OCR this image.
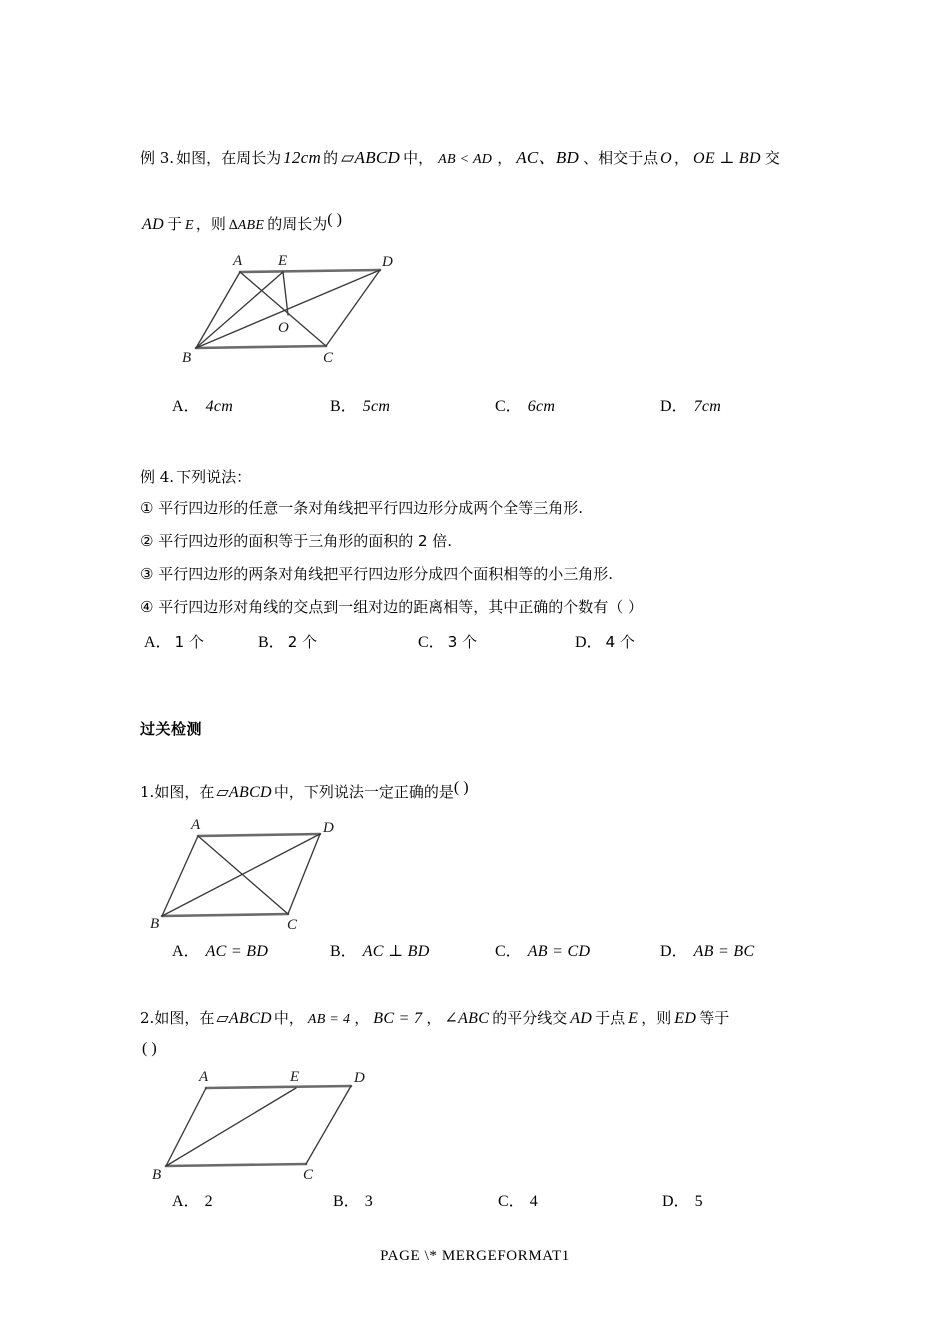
例 3. 如图，在周长为 12cm 的 ▱ABCD 中， AB < AD ， AC、BD 、相交于点 O ， OE ⊥ BD 交
AD 于 E ，则 ∆ABE 的周长为 ( )
A E	D
B	C
O
A． 4cm	B． 5cm	C． 6cm	D． 7cm
例 4. 下列说法：
① 平行四边形的任意一条对角线把平行四边形分成两个全等三角形.
② 平行四边形的面积等于三角形的面积的 2 倍.
③ 平行四边形的两条对角线把平行四边形分成四个面积相等的小三角形.
④ 平行四边形对角线的交点到一组对边的距离相等，其中正确的个数有（ ）
A． 1 个	B． 2 个	C． 3 个	D． 4 个
过关检测
1. 如图，在 ▱ABCD 中，下列说法一定正确的是 ( )
A	D
B	C
A． AC = BD	B． AC ⊥ BD	C． AB = CD	D． AB = BC
2. 如图，在 ▱ABCD 中， AB = 4 ， BC = 7 ， ∠ABC 的平分线交 AD 于点 E ，则 ED 等于
( )
A	E	D
B	C
A． 2	B． 3	C． 4	D． 5
PAGE \* MERGEFORMAT1
